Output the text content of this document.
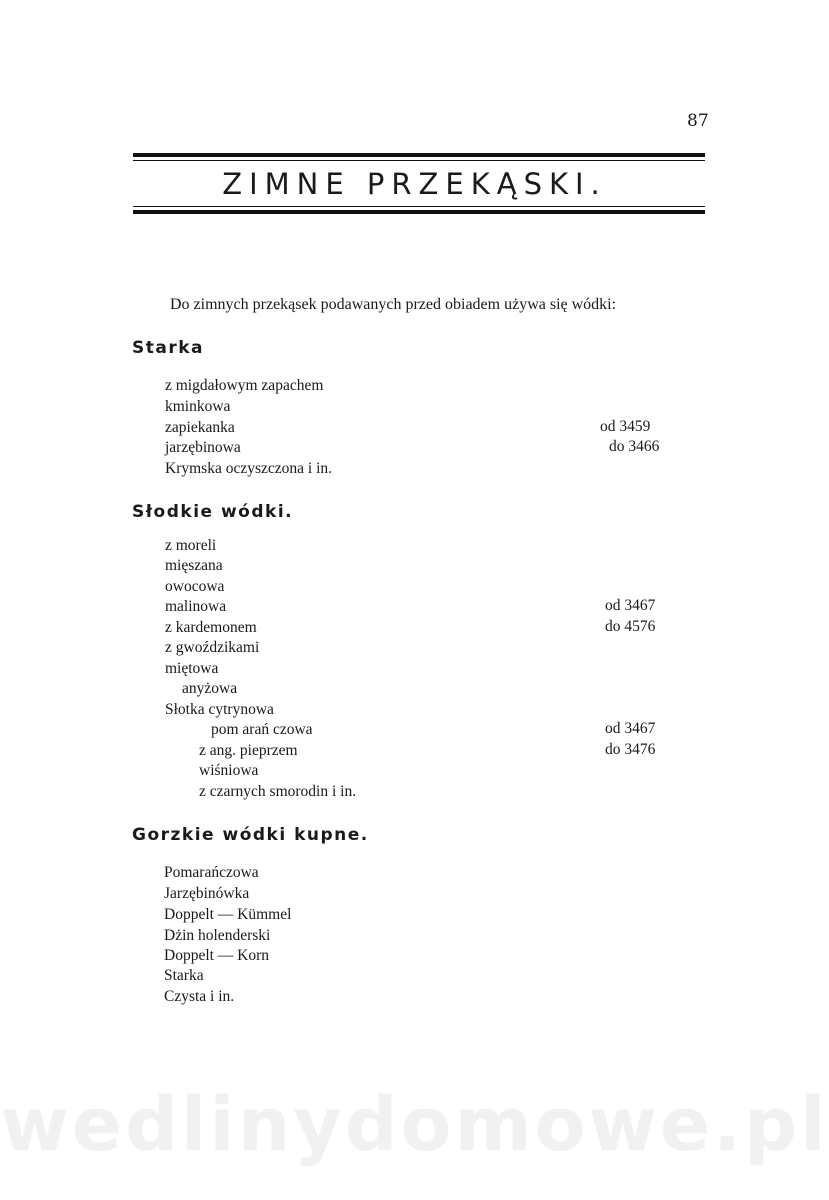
87
ZIMNE PRZEKĄSKI.
Do zimnych przekąsek podawanych przed obiadem używa się wódki:
Starka
z migdałowym zapachem
kminkowa
zapiekanka
jarzębinowa
Krymska oczyszczona i in.
od 3459
do 3466
Słodkie wódki.
z moreli
mięszana
owocowa
malinowa
z kardemonem
z gwoździkami
miętowa
anyżowa
Słotka cytrynowa
pom arań czowa
z ang. pieprzem
wiśniowa
z czarnych smorodin i in.
od 3467
do 4576
od 3467
do 3476
Gorzkie wódki kupne.
Pomarańczowa
Jarzębinówka
Doppelt — Kümmel
Dżin holenderski
Doppelt — Korn
Starka
Czysta i in.
wedlinydomowe.pl
